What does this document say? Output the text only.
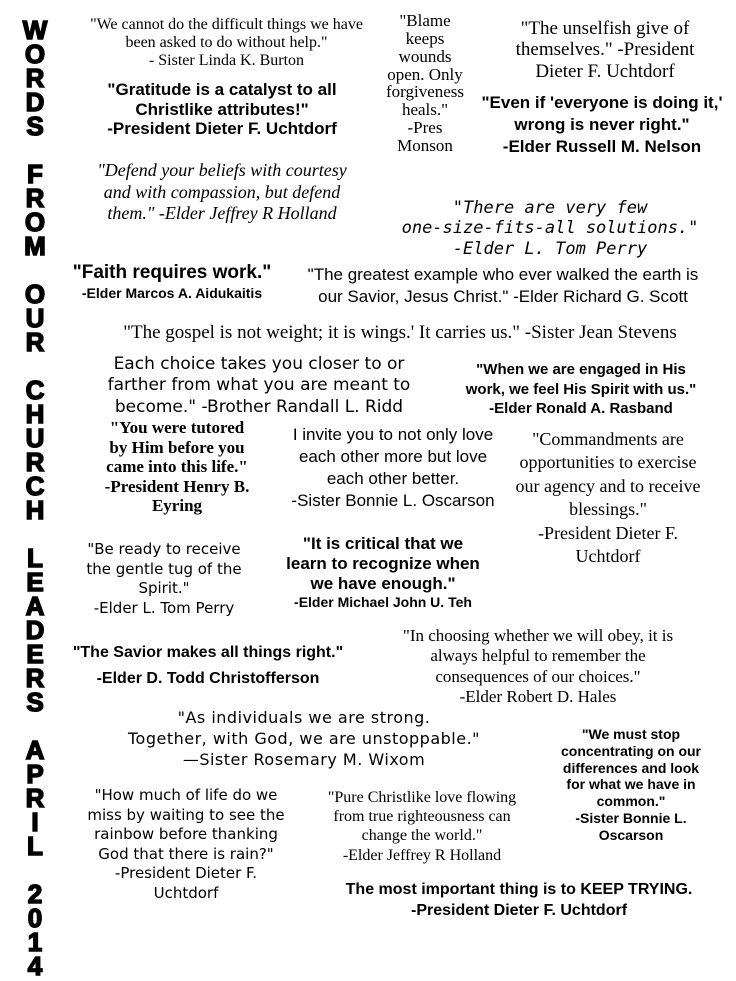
W
O
R
D
S
F
R
O
M
O
U
R
C
H
U
R
C
H
L
E
A
D
E
R
S
A
P
R
I
L
2
0
1
4
"We cannot do the difficult things we have
been asked to do without help."
- Sister Linda K. Burton
"Gratitude is a catalyst to all
Christlike attributes!"
-President Dieter F. Uchtdorf
"Blame
keeps
wounds
open. Only
forgiveness
heals."
-Pres
Monson
"The unselfish give of
themselves." -President
Dieter F. Uchtdorf
"Even if 'everyone is doing it,'
wrong is never right."
-Elder Russell M. Nelson
"Defend your beliefs with courtesy
and with compassion, but defend
them." -Elder Jeffrey R Holland	"There are very few
one-size-fits-all solutions."
-Elder L. Tom Perry
"Faith requires work."
-Elder Marcos A. Aidukaitis
"The greatest example who ever walked the earth is
our Savior, Jesus Christ." -Elder Richard G. Scott
"The gospel is not weight; it is wings.' It carries us." -Sister Jean Stevens
Each choice takes you closer to or
farther from what you are meant to
become." -Brother Randall L. Ridd
"When we are engaged in His
work, we feel His Spirit with us."
-Elder Ronald A. Rasband
"You were tutored
by Him before you
came into this life."
-President Henry B.
Eyring
I invite you to not only love
each other more but love
each other better.
-Sister Bonnie L. Oscarson
"Commandments are
opportunities to exercise
our agency and to receive
blessings."
-President Dieter F.
Uchtdorf
"Be ready to receive
the gentle tug of the
Spirit."
-Elder L. Tom Perry
"It is critical that we
learn to recognize when
we have enough."
-Elder Michael John U. Teh
"The Savior makes all things right."
-Elder D. Todd Christofferson
"In choosing whether we will obey, it is
always helpful to remember the
consequences of our choices."
-Elder Robert D. Hales
"As individuals we are strong.
Together, with God, we are unstoppable."
—Sister Rosemary M. Wixom
"We must stop
concentrating on our
differences and look
for what we have in
common."
-Sister Bonnie L.
Oscarson
"How much of life do we
miss by waiting to see the
rainbow before thanking
God that there is rain?"
-President Dieter F.
Uchtdorf
"Pure Christlike love flowing
from true righteousness can
change the world."
-Elder Jeffrey R Holland
The most important thing is to KEEP TRYING.
-President Dieter F. Uchtdorf
